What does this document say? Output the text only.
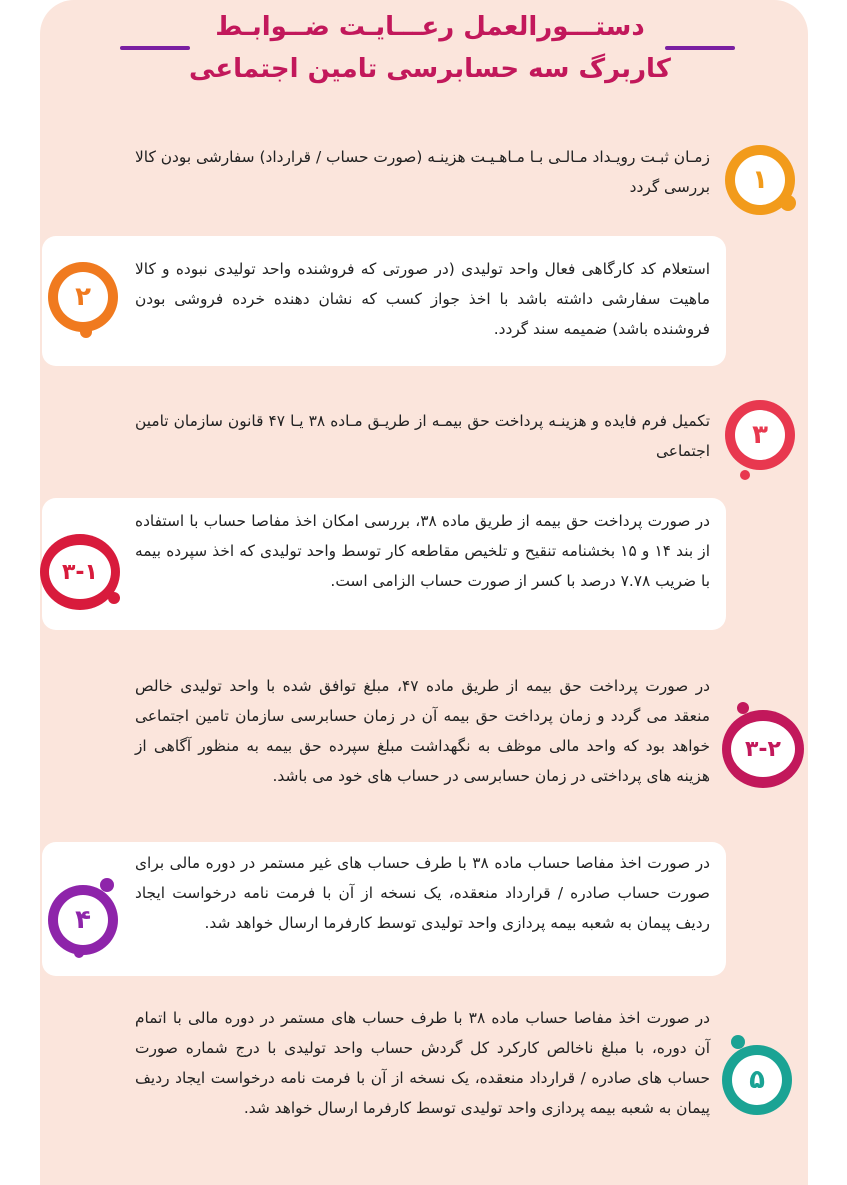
دستـــورالعمل رعـــایـت ضــوابـط
کاربرگ سه حسابرسی تامین اجتماعی
زمـان ثبـت رویـداد مـالـی بـا مـاهـیـت هزینـه (صورت حساب / قرارداد) سفارشی بودن کالا بررسی گردد	۱
استعلام کد کارگاهی فعال واحد تولیدی (در صورتی که فروشنده واحد تولیدی نبوده و کالا ماهیت سفارشی داشته باشد با اخذ جواز کسب که نشان دهنده خرده فروشی بودن فروشنده باشد) ضمیمه سند گردد.
۲
تکمیل فرم فایده و هزینـه پرداخت حق بیمـه از طریـق مـاده ۳۸ یـا ۴۷ قانون سازمان تامین اجتماعی
۳
در صورت پرداخت حق بیمه از طریق ماده ۳۸، بررسی امکان اخذ مفاصا حساب با استفاده از بند ۱۴ و ۱۵ بخشنامه تنقیح و تلخیص مقاطعه کار توسط واحد تولیدی که اخذ سپرده بیمه با ضریب ۷.۷۸ درصد با کسر از صورت حساب الزامی است.
۳-۱
در صورت پرداخت حق بیمه از طریق ماده ۴۷، مبلغ توافق شده با واحد تولیدی خالص منعقد می گردد و زمان پرداخت حق بیمه آن در زمان حسابرسی سازمان تامین اجتماعی خواهد بود که واحد مالی موظف به نگهداشت مبلغ سپرده حق بیمه به منظور آگاهی از هزینه های پرداختی در زمان حسابرسی در حساب های خود می باشد.
۳-۲
در صورت اخذ مفاصا حساب ماده ۳۸ با طرف حساب های غیر مستمر در دوره مالی برای صورت حساب صادره / قرارداد منعقده، یک نسخه از آن با فرمت نامه درخواست ایجاد ردیف پیمان به شعبه بیمه پردازی واحد تولیدی توسط کارفرما ارسال خواهد شد.
۴
در صورت اخذ مفاصا حساب ماده ۳۸ با طرف حساب های مستمر در دوره مالی با اتمام آن دوره، با مبلغ ناخالص کارکرد کل گردش حساب واحد تولیدی با درج شماره صورت حساب های صادره / قرارداد منعقده، یک نسخه از آن با فرمت نامه درخواست ایجاد ردیف پیمان به شعبه بیمه پردازی واحد تولیدی توسط کارفرما ارسال خواهد شد.
۵
